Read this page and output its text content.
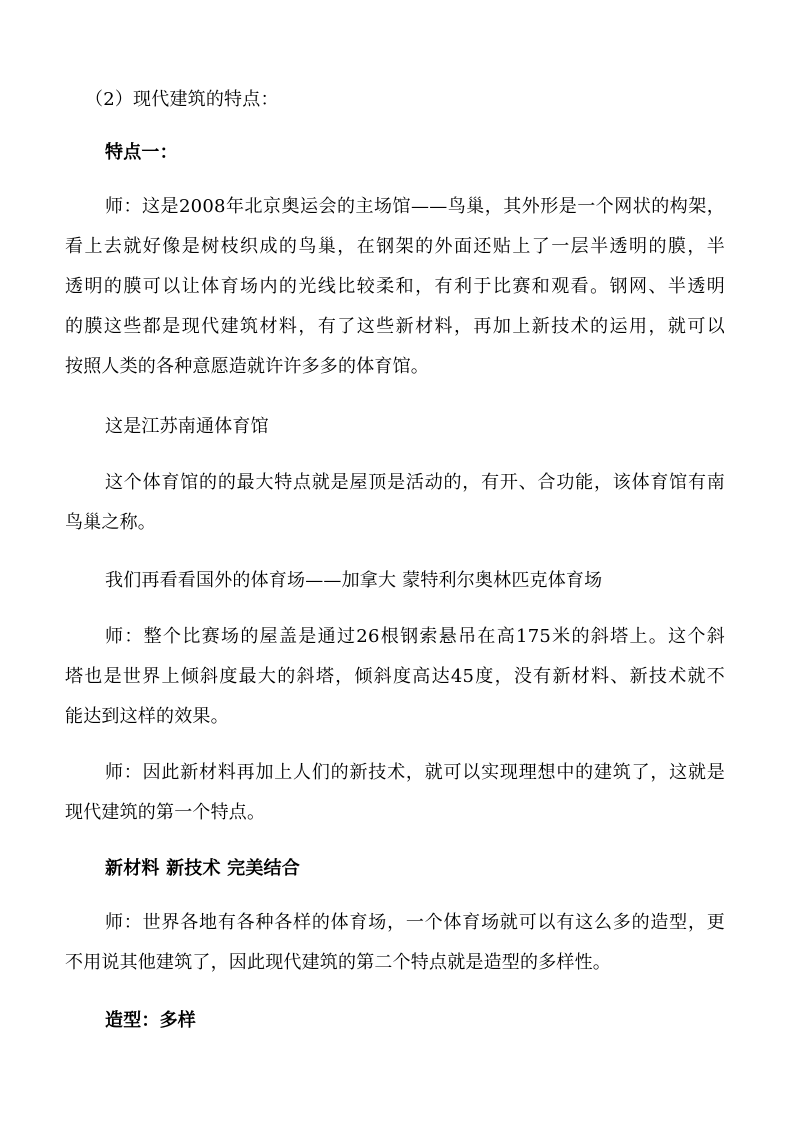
（2）现代建筑的特点：
特点一：
师：这是2008年北京奥运会的主场馆——鸟巢，其外形是一个网状的构架，
看上去就好像是树枝织成的鸟巢，在钢架的外面还贴上了一层半透明的膜，半
透明的膜可以让体育场内的光线比较柔和，有利于比赛和观看。钢网、半透明
的膜这些都是现代建筑材料，有了这些新材料，再加上新技术的运用，就可以
按照人类的各种意愿造就许许多多的体育馆。
这是江苏南通体育馆
这个体育馆的的最大特点就是屋顶是活动的，有开、合功能，该体育馆有南
鸟巢之称。
我们再看看国外的体育场——加拿大 蒙特利尔奥林匹克体育场
师：整个比赛场的屋盖是通过26根钢索悬吊在高175米的斜塔上。这个斜
塔也是世界上倾斜度最大的斜塔，倾斜度高达45度，没有新材料、新技术就不
能达到这样的效果。
师：因此新材料再加上人们的新技术，就可以实现理想中的建筑了，这就是
现代建筑的第一个特点。
新材料 新技术 完美结合
师：世界各地有各种各样的体育场，一个体育场就可以有这么多的造型，更
不用说其他建筑了，因此现代建筑的第二个特点就是造型的多样性。
造型：多样
